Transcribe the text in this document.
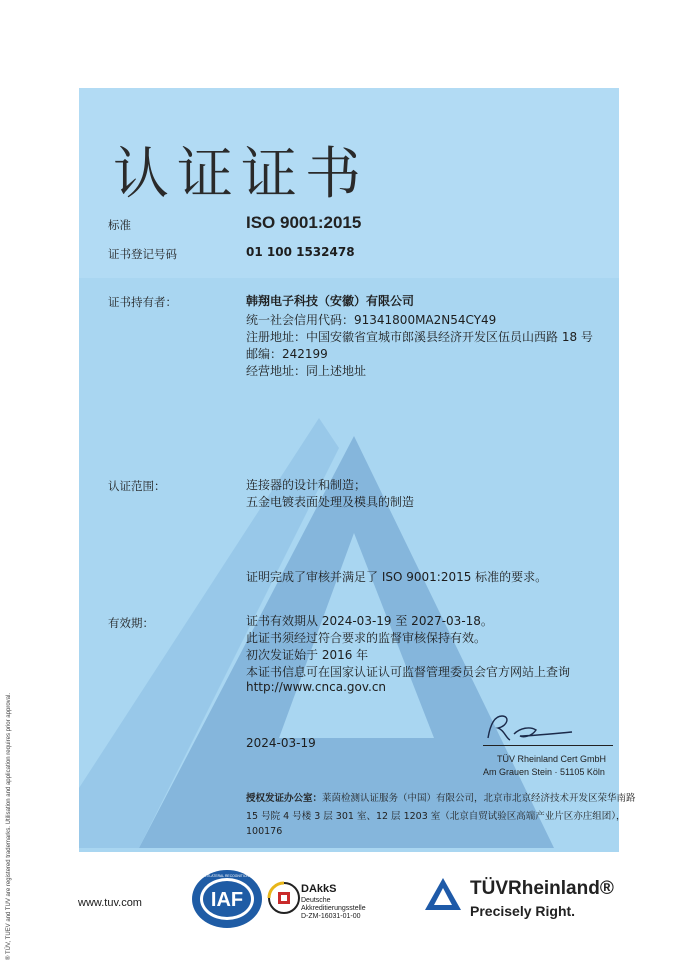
认证证书
标准	ISO 9001:2015
证书登记号码	01 100 1532478
证书持有者：	韩翔电子科技（安徽）有限公司
统一社会信用代码：91341800MA2N54CY49
注册地址：中国安徽省宣城市郎溪县经济开发区伍员山西路 18 号
邮编：242199
经营地址：同上述地址
认证范围：	连接器的设计和制造；
五金电镀表面处理及模具的制造
证明完成了审核并满足了 ISO 9001:2015 标准的要求。
有效期：	证书有效期从 2024-03-19 至 2027-03-18。
此证书须经过符合要求的监督审核保持有效。
初次发证始于 2016 年
本证书信息可在国家认证认可监督管理委员会官方网站上查询
http://www.cnca.gov.cn
2024-03-19
TÜV Rheinland Cert GmbH
Am Grauen Stein · 51105 Köln
授权发证办公室：莱茵检测认证服务（中国）有限公司，北京市北京经济技术开发区荣华南路
15 号院 4 号楼 3 层 301 室、12 层 1203 室（北京自贸试验区高端产业片区亦庄组团），
100176
www.tuv.com	IAF
MEMBER OF MULTILATERAL RECOGNITION ARRANGEMENT
DAkkS
Deutsche
Akkreditierungsstelle
D-ZM-16031-01-00
TÜVRheinland®
Precisely Right.
® TÜV, TUEV and TUV are registered trademarks. Utilisation and application requires prior approval.
